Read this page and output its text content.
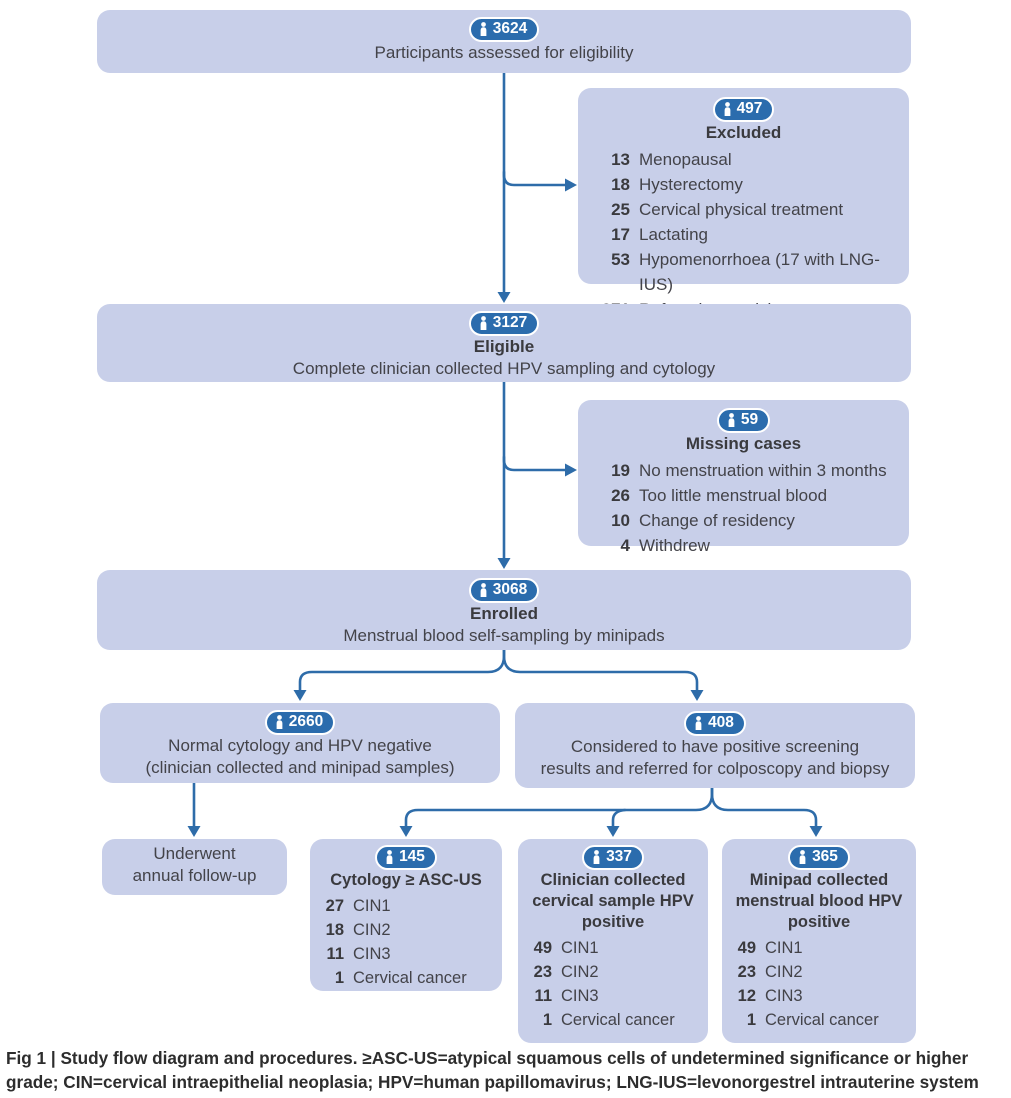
3624
Participants assessed for eligibility
497
Excluded
13 Menopausal
18 Hysterectomy
25 Cervical physical treatment
17 Lactating
53 Hypomenorrhoea (17 with LNG-IUS)
3127
Eligible
Complete clinician collected HPV sampling and cytology
59
Missing cases
19 No menstruation within 3 months
26 Too little menstrual blood
10 Change of residency
4 Withdrew
3068
Enrolled
Menstrual blood self-sampling by minipads
2660
Normal cytology and HPV negative
(clinician collected and minipad samples)
408
Considered to have positive screening
results and referred for colposcopy and biopsy
Underwent
annual follow-up
145
Cytology ≥ ASC-US
27 CIN1
18 CIN2
11 CIN3
1 Cervical cancer
337
Clinician collected cervical sample HPV positive
49 CIN1
23 CIN2
11 CIN3
1 Cervical cancer
365
Minipad collected menstrual blood HPV positive
49 CIN1
23 CIN2
12 CIN3
1 Cervical cancer
Fig 1 | Study flow diagram and procedures. ≥ASC-US=atypical squamous cells of undetermined significance or higher grade; CIN=cervical intraepithelial neoplasia; HPV=human papillomavirus; LNG-IUS=levonorgestrel intrauterine system
